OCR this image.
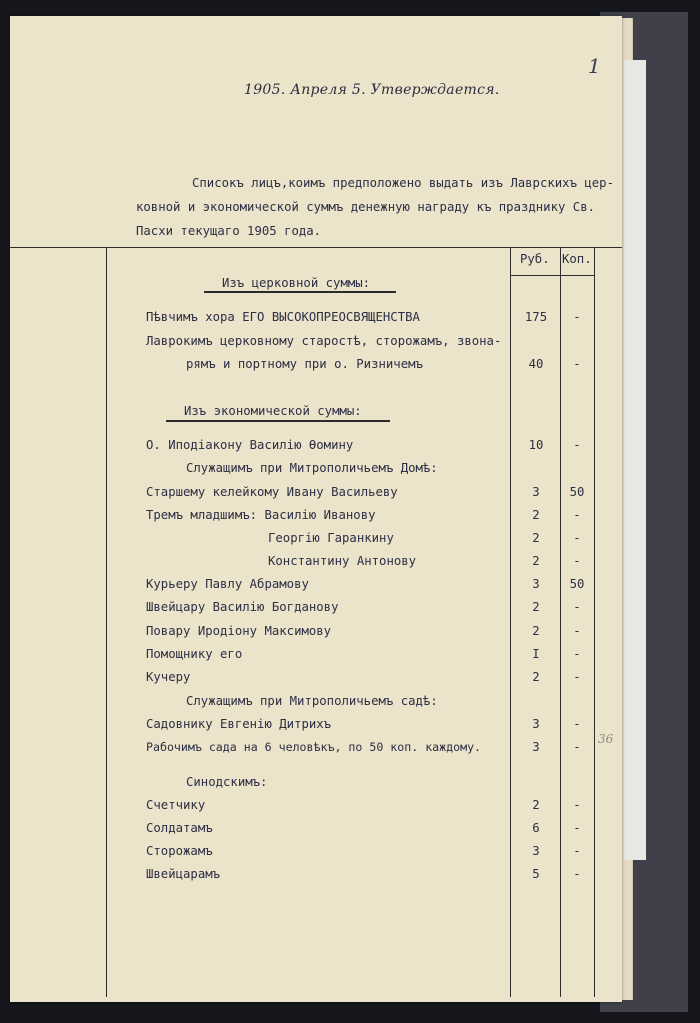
1
1905. Апреля 5. Утверждается.
Списокъ лицъ,коимъ предположено выдать изъ Лаврскихъ цер-
ковной и экономической суммъ денежную награду къ празднику Св.
Пасхи текущаго 1905 года.
Руб. Коп.
Изъ церковной суммы:
Изъ экономической суммы:
Пѣвчимъ хора ЕГО ВЫСОКОПРЕОСВЯЩЕНСТВА	175	-
Лаврокимъ церковному старостѣ, сторожамъ, звона-
рямъ и портному при о. Ризничемъ	40	-
О. Иподіакону Василію Ѳомину	10	-
Служащимъ при Митрополичьемъ Домѣ:
Старшему келейкому Ивану Васильеву	3	50
Тремъ младшимъ: Василію Иванову	2	-
Георгію Гаранкину	2	-
Константину Антонову	2	-
Курьеру Павлу Абрамову	3	50
Швейцару Василію Богданову	2	-
Повару Иродіону Максимову	2	-
Помощнику его	I	-
Кучеру	2	-
Служащимъ при Митрополичьемъ садѣ:
Садовнику Евгенію Дитрихъ	3	-
Рабочимъ сада на 6 человѣкъ, по 50 коп. каждому.	3	-
Синодскимъ:
Счетчику	2	-
Солдатамъ	6	-
Сторожамъ	3	-
Швейцарамъ	5	-
36
